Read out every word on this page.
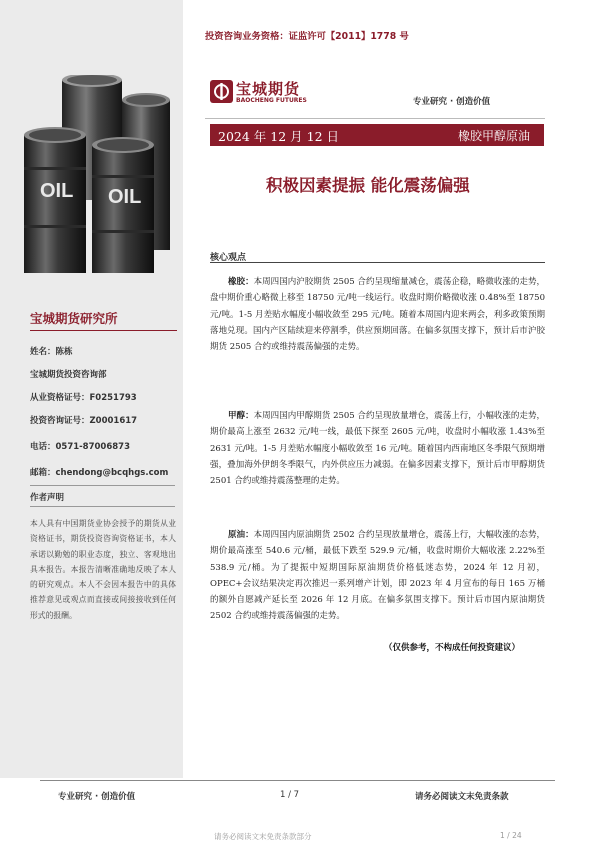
OIL OIL
宝城期货研究所
姓名：陈栋
宝城期货投资咨询部
从业资格证号：F0251793
投资咨询证号：Z0001617
电话：0571-87006873
邮箱：chendong@bcqhgs.com
作者声明
本人具有中国期货业协会授予的期货从业资格证书，期货投资咨询资格证书，本人承诺以勤勉的职业态度，独立、客观地出具本报告。本报告清晰准确地反映了本人的研究观点。本人不会因本报告中的具体推荐意见或观点而直接或间接接收到任何形式的报酬。
投资咨询业务资格：证监许可【2011】1778 号
宝城期货
BAOCHENG FUTURES	专业研究 · 创造价值
2024 年 12 月 12 日	橡胶甲醇原油
积极因素提振 能化震荡偏强
核心观点
橡胶：本周四国内沪胶期货 2505 合约呈现缩量减仓，震荡企稳，略微收涨的走势，盘中期价重心略微上移至 18750 元/吨一线运行。收盘时期价略微收涨 0.48%至 18750 元/吨。1-5 月差贴水幅度小幅收敛至 295 元/吨。随着本周国内迎来两会，利多政策预期落地兑现。国内产区陆续迎来停割季，供应预期回落。在偏多氛围支撑下，预计后市沪胶期货 2505 合约或维持震荡偏强的走势。
甲醇：本周四国内甲醇期货 2505 合约呈现放量增仓，震荡上行，小幅收涨的走势，期价最高上涨至 2632 元/吨一线，最低下探至 2605 元/吨，收盘时小幅收涨 1.43%至 2631 元/吨。1-5 月差贴水幅度小幅收敛至 16 元/吨。随着国内西南地区冬季限气预期增强，叠加海外伊朗冬季限气，内外供应压力减弱。在偏多因素支撑下，预计后市甲醇期货 2501 合约或维持震荡整理的走势。
原油：本周四国内原油期货 2502 合约呈现放量增仓，震荡上行，大幅收涨的态势，期价最高涨至 540.6 元/桶，最低下跌至 529.9 元/桶，收盘时期价大幅收涨 2.22%至 538.9 元/桶。为了提振中短期国际原油期货价格低迷态势，2024 年 12 月初，OPEC+会议结果决定再次推迟一系列增产计划，即 2023 年 4 月宣布的每日 165 万桶的额外自愿减产延长至 2026 年 12 月底。在偏多氛围支撑下。预计后市国内原油期货 2502 合约或维持震荡偏强的走势。
（仅供参考，不构成任何投资建议）
专业研究 · 创造价值	1 / 7	请务必阅读文末免责条款
请务必阅读文末免责条款部分	1 / 24
